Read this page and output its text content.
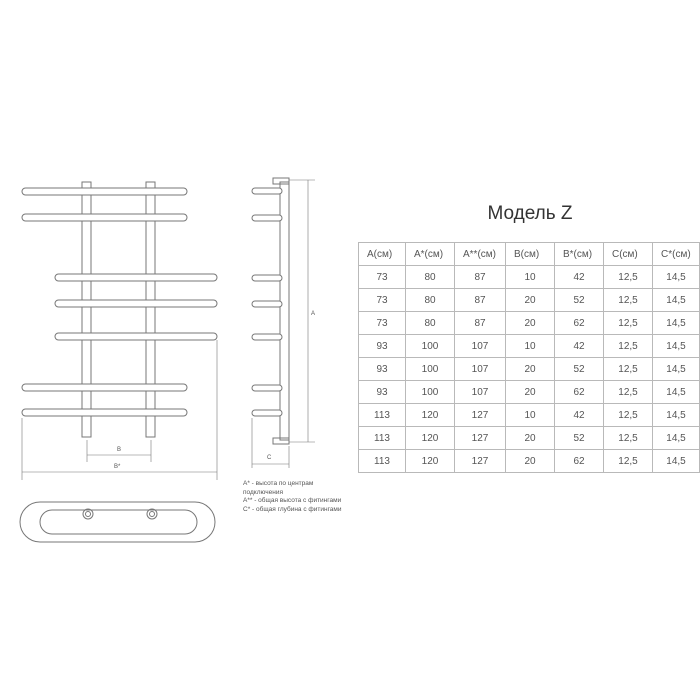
B
B*
A
C
A* - высота по центрам подключения
A** - общая высота с фитингами
C* - общая глубина с фитингами
Модель Z
A(см)	A*(см)	A**(см)	B(см)	B*(см)	C(см)	C*(см)
73	80	87	10	42	12,5	14,5
73	80	87	20	52	12,5	14,5
73	80	87	20	62	12,5	14,5
93	100	107	10	42	12,5	14,5
93	100	107	20	52	12,5	14,5
93	100	107	20	62	12,5	14,5
113	120	127	10	42	12,5	14,5
113	120	127	20	52	12,5	14,5
113	120	127	20	62	12,5	14,5
